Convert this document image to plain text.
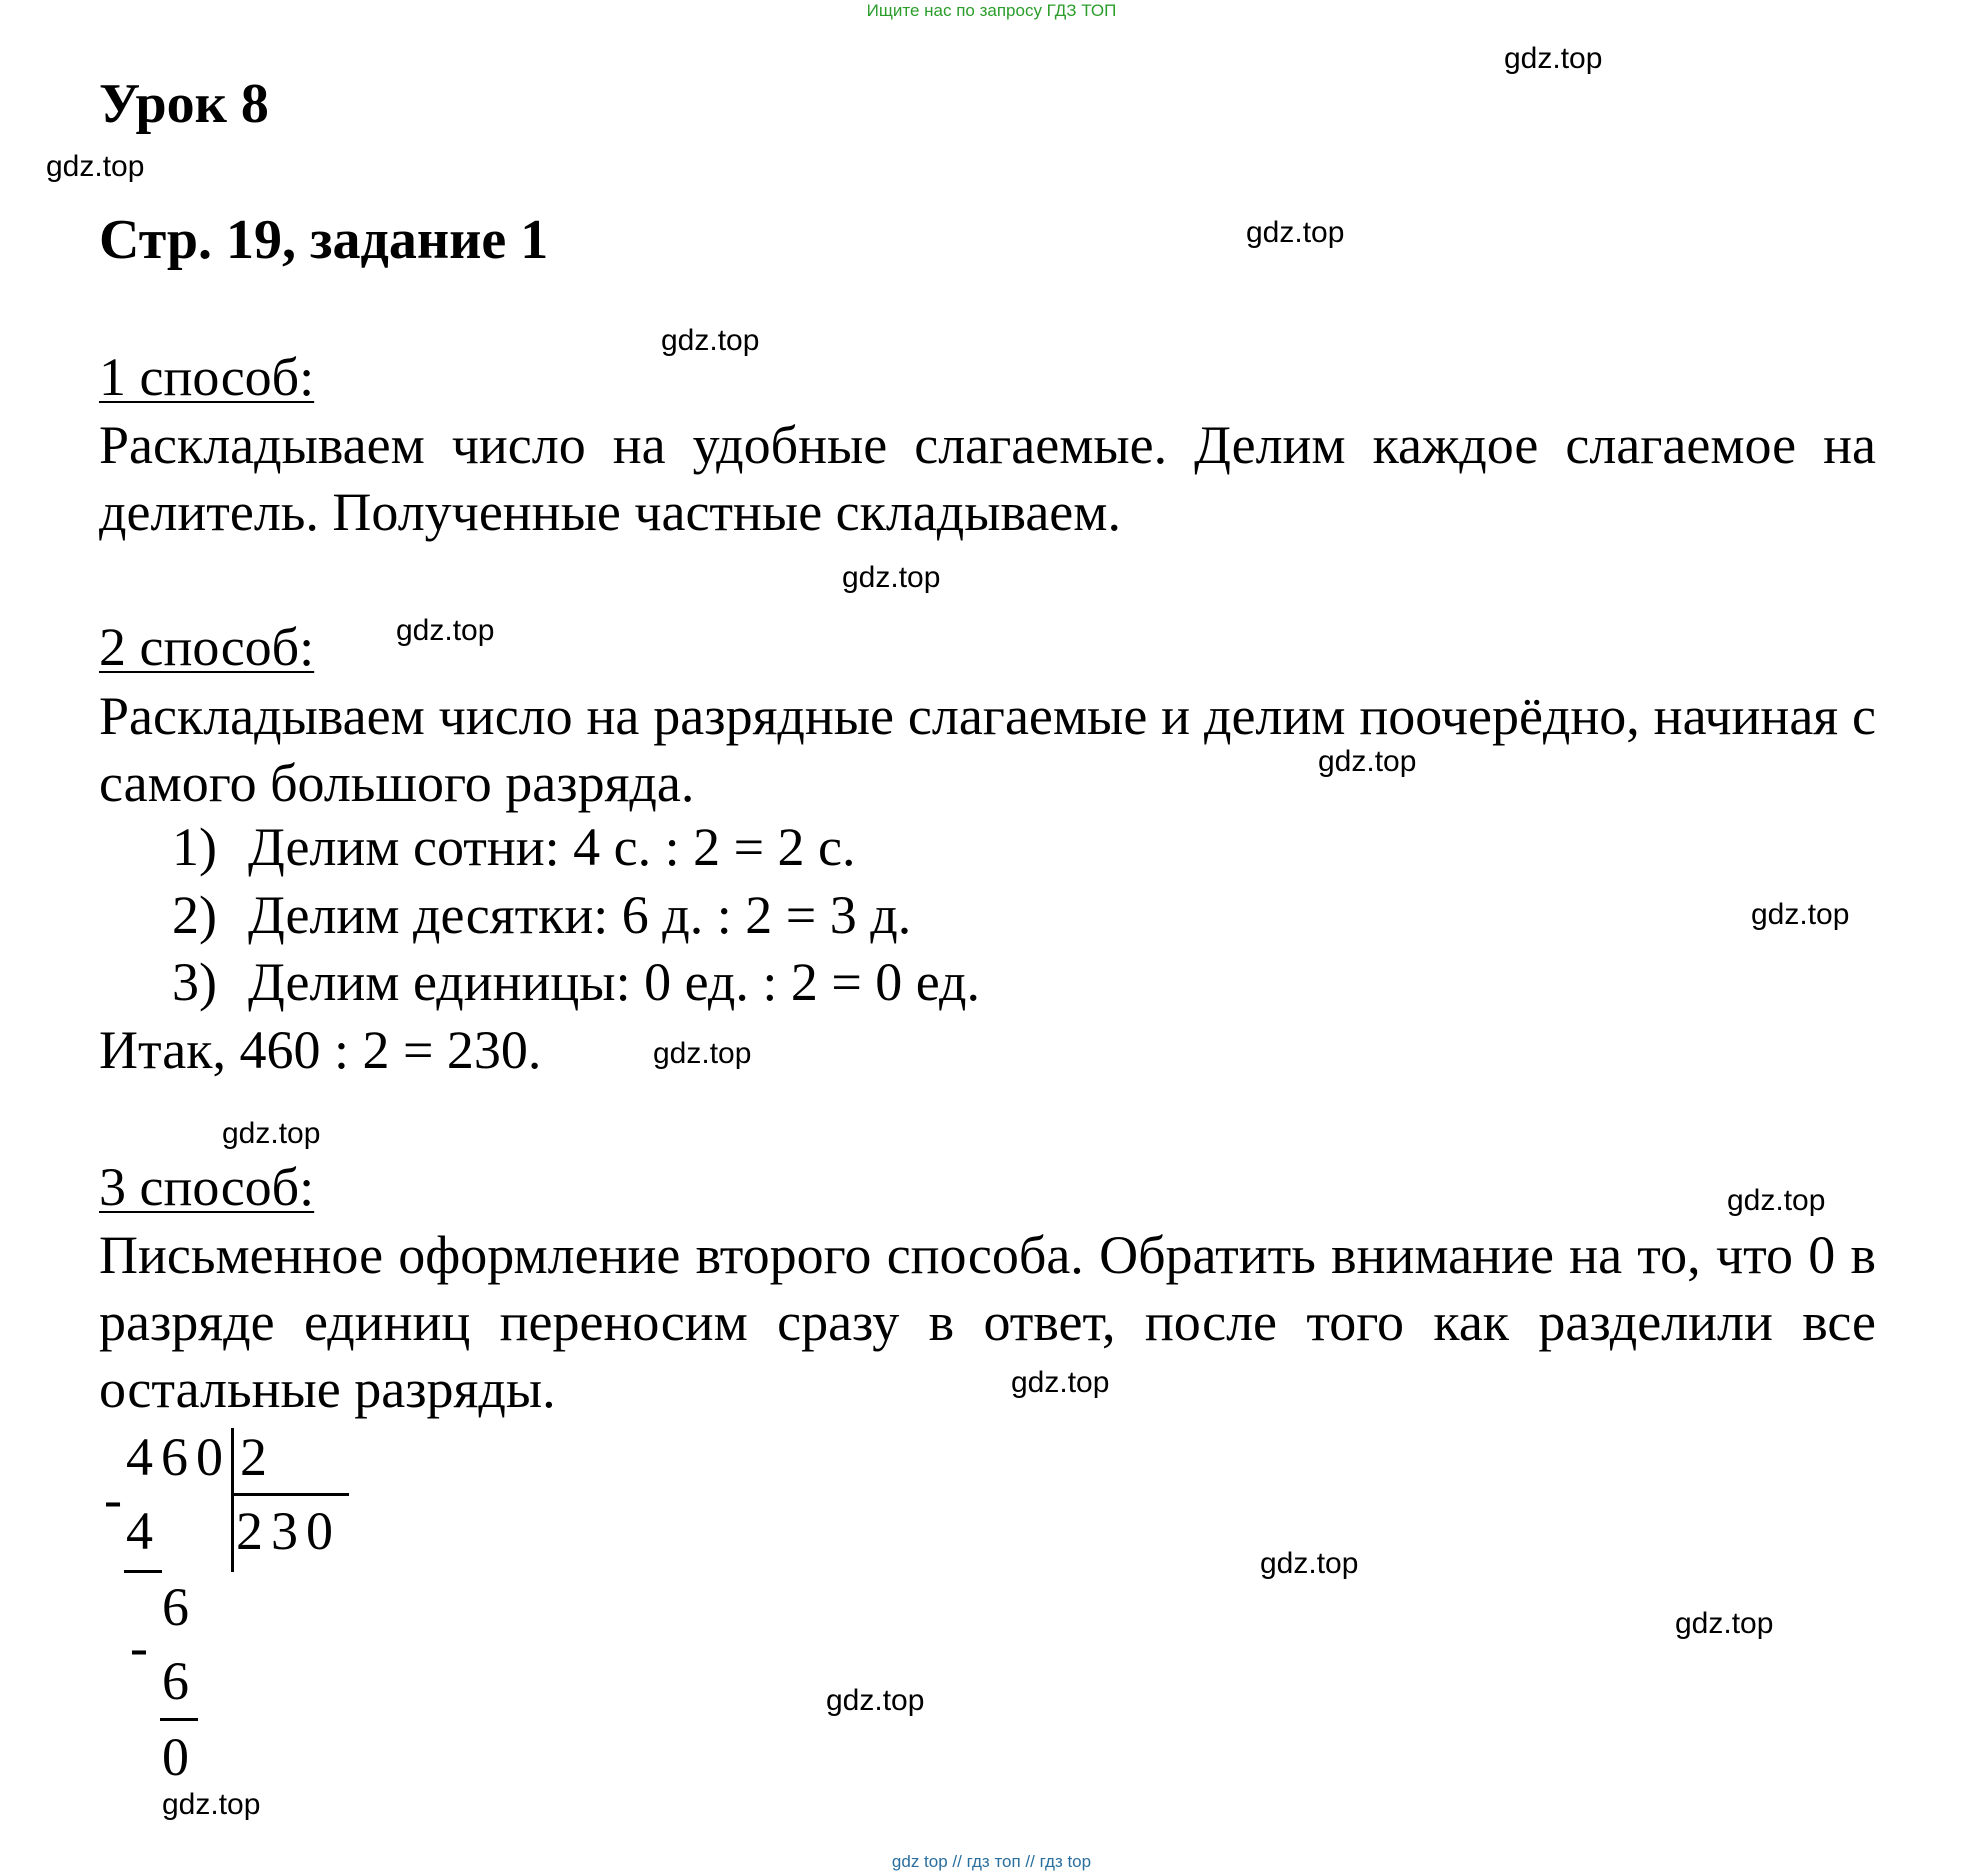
Ищите нас по запросу ГДЗ ТОП
Урок 8
Стр. 19, задание 1
1 способ:
Раскладываем число на удобные слагаемые. Делим каждое слагаемое на делитель. Полученные частные складываем.
2 способ:
Раскладываем число на разрядные слагаемые и делим поочерёдно, начиная с самого большого разряда.
1) Делим сотни: 4 с. : 2 = 2 с.
2) Делим десятки: 6 д. : 2 = 3 д.
3) Делим единицы: 0 ед. : 2 = 0 ед.
Итак, 460 : 2 = 230.
3 способ:
Письменное оформление второго способа. Обратить внимание на то, что 0 в разряде единиц переносим сразу в ответ, после того как разделили все остальные разряды.
460 2
230
-
4
6
-
6
0
gdz.top
gdz.top
gdz.top
gdz.top
gdz.top
gdz.top
gdz.top
gdz.top
gdz.top
gdz.top
gdz.top
gdz.top
gdz.top
gdz.top
gdz.top
gdz.top
gdz top // гдз топ // гдз top
